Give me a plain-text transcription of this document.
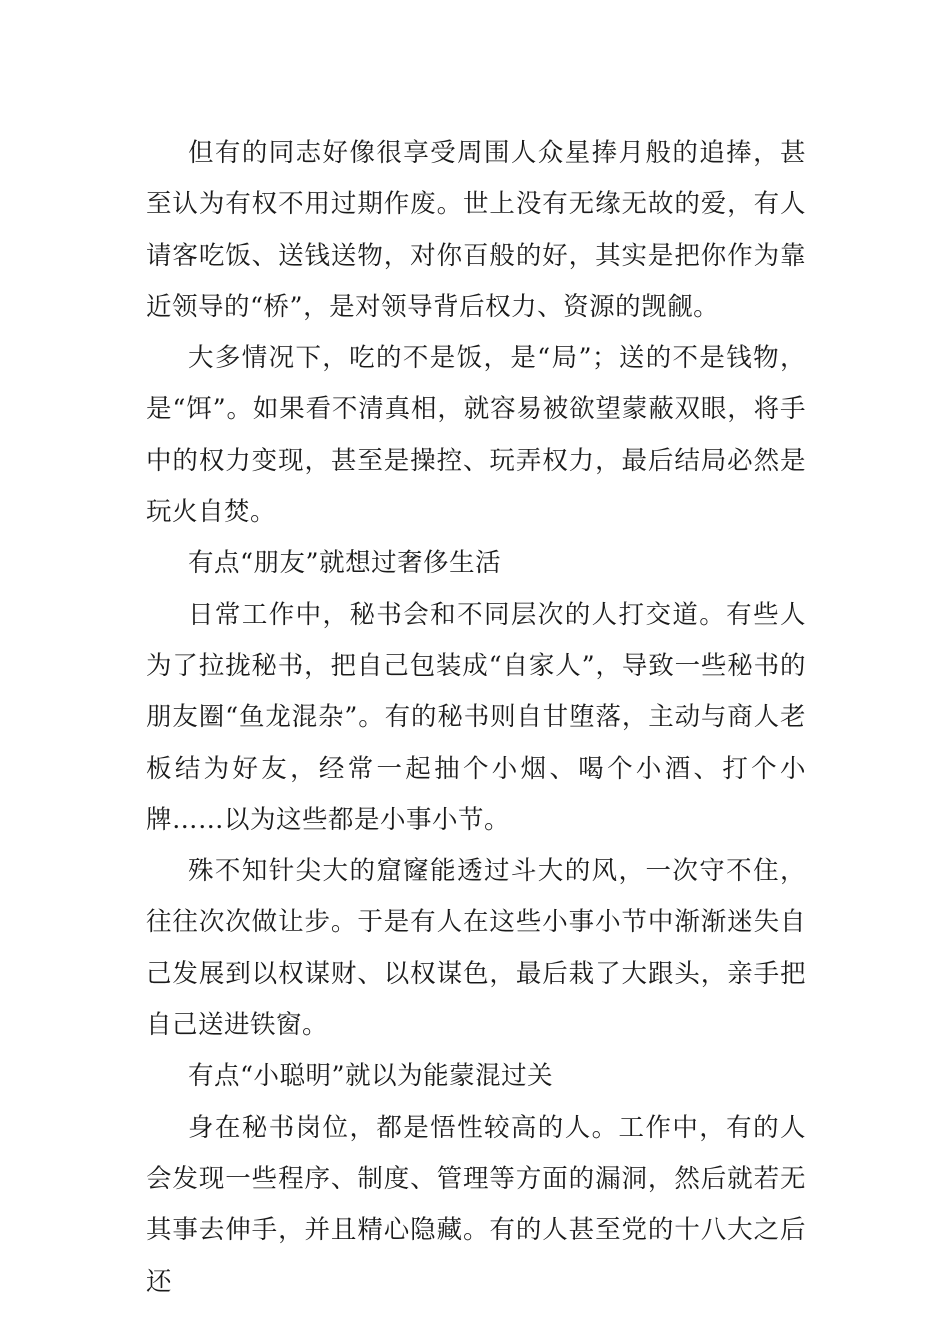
但有的同志好像很享受周围人众星捧月般的追捧，甚至认为有权不用过期作废。世上没有无缘无故的爱，有人请客吃饭、送钱送物，对你百般的好，其实是把你作为靠近领导的“桥”，是对领导背后权力、资源的觊觎。

大多情况下，吃的不是饭，是“局”；送的不是钱物，是“饵”。如果看不清真相，就容易被欲望蒙蔽双眼，将手中的权力变现，甚至是操控、玩弄权力，最后结局必然是玩火自焚。

有点“朋友”就想过奢侈生活

日常工作中，秘书会和不同层次的人打交道。有些人为了拉拢秘书，把自己包装成“自家人”，导致一些秘书的朋友圈“鱼龙混杂”。有的秘书则自甘堕落，主动与商人老板结为好友，经常一起抽个小烟、喝个小酒、打个小牌……以为这些都是小事小节。

殊不知针尖大的窟窿能透过斗大的风，一次守不住，往往次次做让步。于是有人在这些小事小节中渐渐迷失自己发展到以权谋财、以权谋色，最后栽了大跟头，亲手把自己送进铁窗。

有点“小聪明”就以为能蒙混过关

身在秘书岗位，都是悟性较高的人。工作中，有的人会发现一些程序、制度、管理等方面的漏洞，然后就若无其事去伸手，并且精心隐藏。有的人甚至党的十八大之后还
